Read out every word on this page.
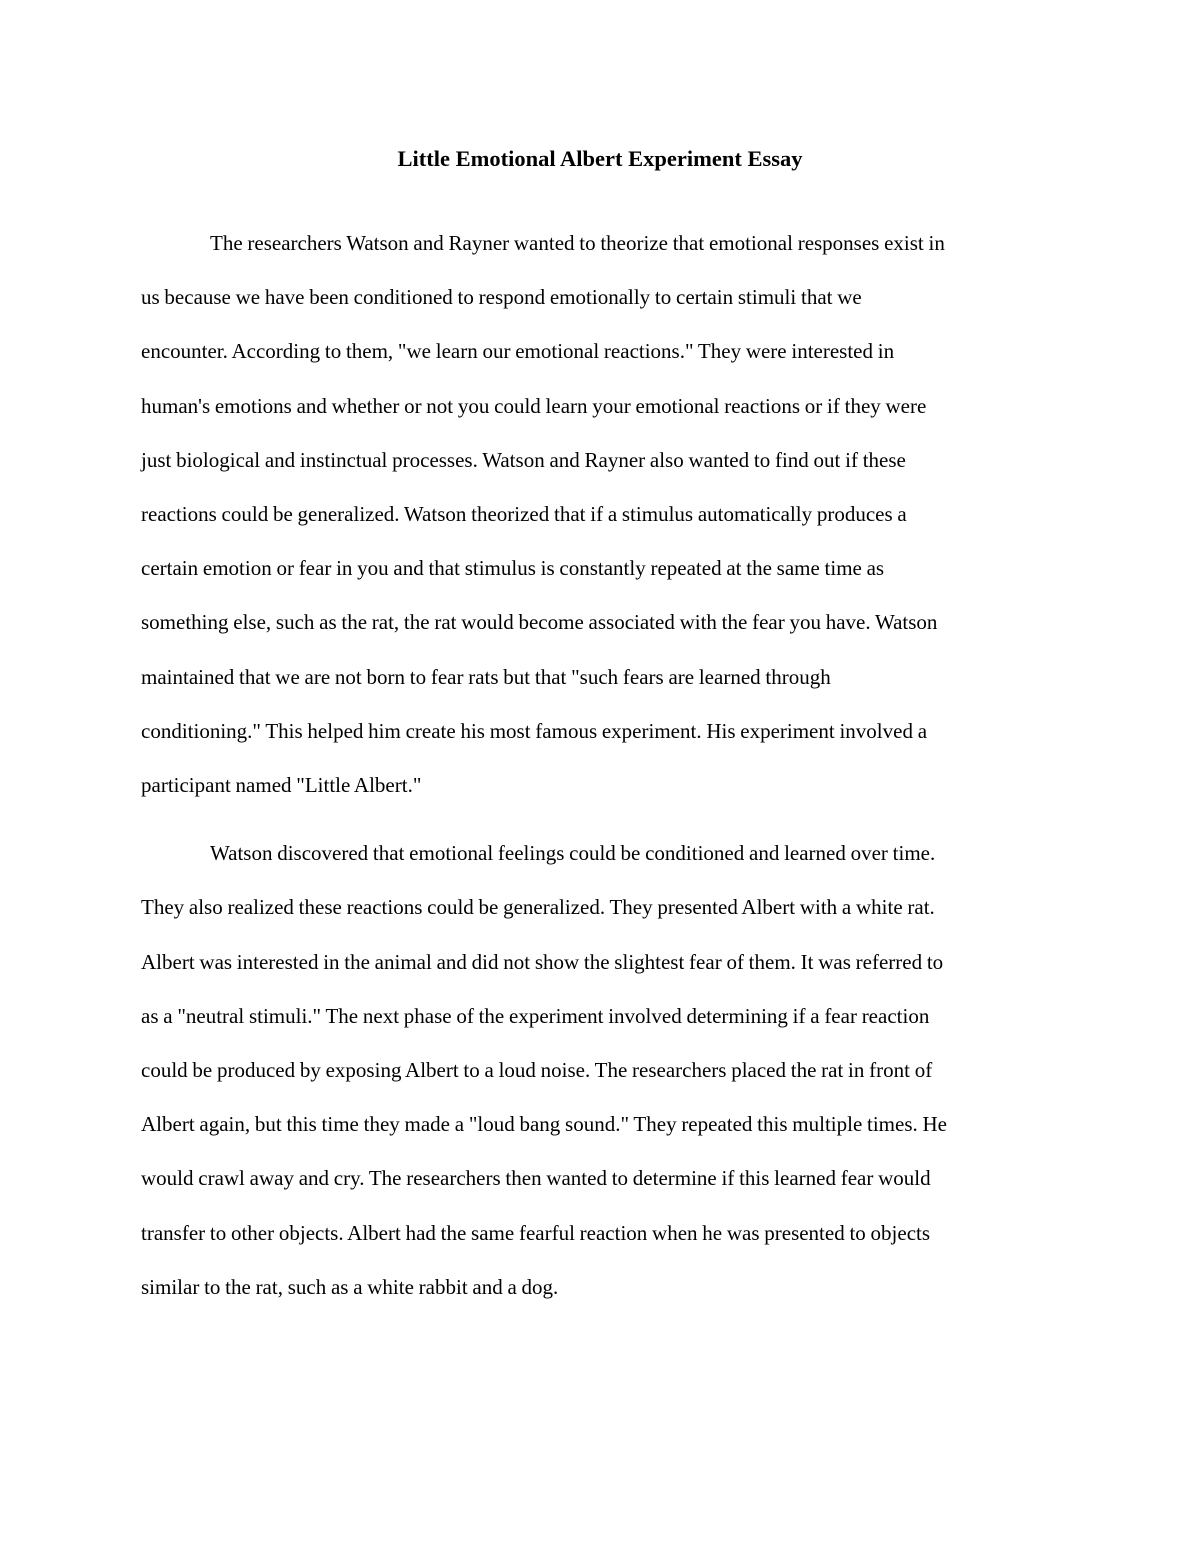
Little Emotional Albert Experiment Essay

The researchers Watson and Rayner wanted to theorize that emotional responses exist in
us because we have been conditioned to respond emotionally to certain stimuli that we
encounter. According to them, "we learn our emotional reactions." They were interested in
human's emotions and whether or not you could learn your emotional reactions or if they were
just biological and instinctual processes. Watson and Rayner also wanted to find out if these
reactions could be generalized. Watson theorized that if a stimulus automatically produces a
certain emotion or fear in you and that stimulus is constantly repeated at the same time as
something else, such as the rat, the rat would become associated with the fear you have. Watson
maintained that we are not born to fear rats but that "such fears are learned through
conditioning." This helped him create his most famous experiment. His experiment involved a
participant named "Little Albert."

Watson discovered that emotional feelings could be conditioned and learned over time.
They also realized these reactions could be generalized. They presented Albert with a white rat.
Albert was interested in the animal and did not show the slightest fear of them. It was referred to
as a "neutral stimuli." The next phase of the experiment involved determining if a fear reaction
could be produced by exposing Albert to a loud noise. The researchers placed the rat in front of
Albert again, but this time they made a "loud bang sound." They repeated this multiple times. He
would crawl away and cry. The researchers then wanted to determine if this learned fear would
transfer to other objects. Albert had the same fearful reaction when he was presented to objects
similar to the rat, such as a white rabbit and a dog.
